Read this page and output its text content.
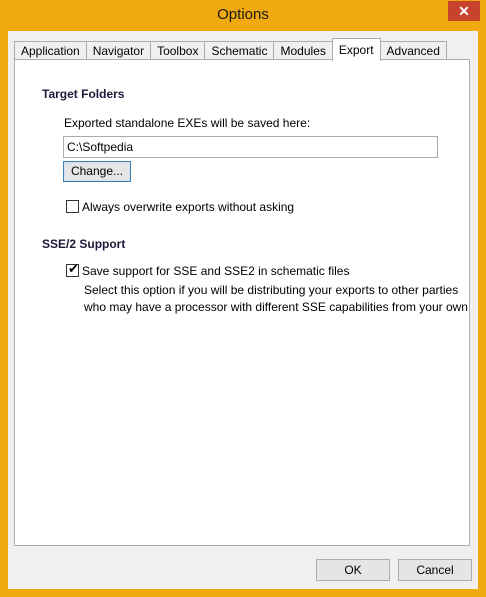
Options	✕
Application	Navigator	Toolbox	Schematic	Modules	Export	Advanced
Target Folders
Exported standalone EXEs will be saved here:
C:\Softpedia
Change...
Always overwrite exports without asking
SSE/2 Support
✔ Save support for SSE and SSE2 in schematic files
Select this option if you will be distributing your exports to other parties
who may have a processor with different SSE capabilities from your own
OK	Cancel
